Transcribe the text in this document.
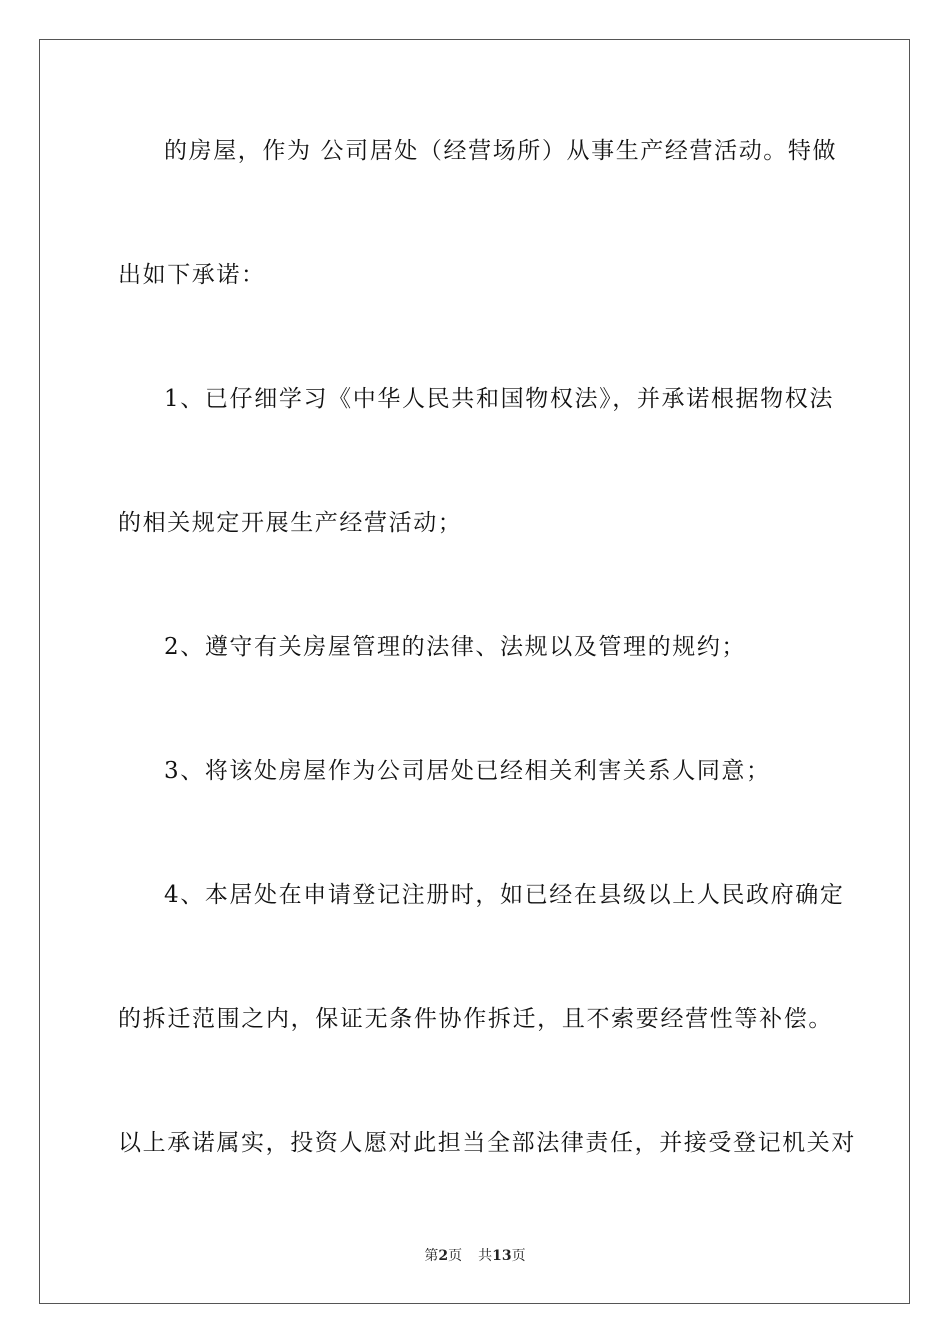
的房屋，作为 公司居处（经营场所）从事生产经营活动。特做
出如下承诺：
1、已仔细学习《中华人民共和国物权法》，并承诺根据物权法
的相关规定开展生产经营活动；
2、遵守有关房屋管理的法律、法规以及管理的规约；
3、将该处房屋作为公司居处已经相关利害关系人同意；
4、本居处在申请登记注册时，如已经在县级以上人民政府确定
的拆迁范围之内，保证无条件协作拆迁，且不索要经营性等补偿。
以上承诺属实，投资人愿对此担当全部法律责任，并接受登记机关对
第2页 共13页
